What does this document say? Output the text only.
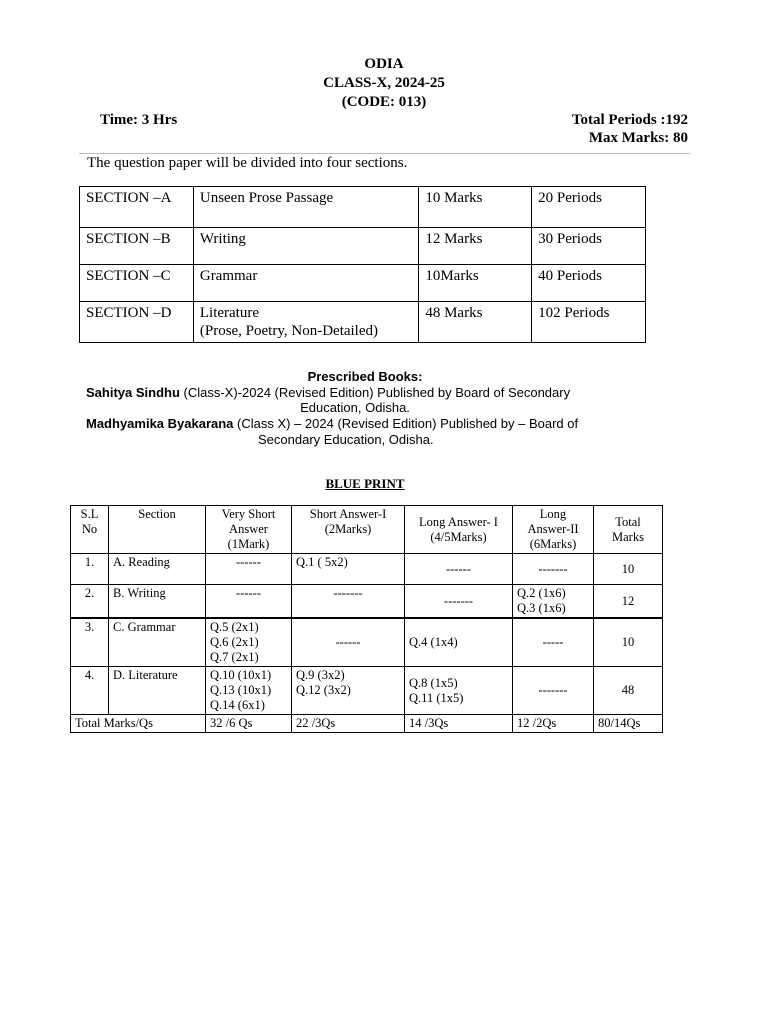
ODIA
CLASS-X, 2024-25
(CODE: 013)
Time: 3 Hrs	Total Periods :192
Max Marks: 80
The question paper will be divided into four sections.
SECTION –A	Unseen Prose Passage	10 Marks	20 Periods
SECTION –B	Writing	12 Marks	30 Periods
SECTION –C	Grammar	10Marks	40 Periods
SECTION –D	Literature
(Prose, Poetry, Non-Detailed)	48 Marks	102 Periods
Prescribed Books:
Sahitya Sindhu (Class-X)-2024 (Revised Edition) Published by Board of Secondary
Education, Odisha.
Madhyamika Byakarana (Class X) – 2024 (Revised Edition) Published by – Board of
Secondary Education, Odisha.
BLUE PRINT
S.L
No	Section	Very Short
Answer
(1Mark)	Short Answer-I
(2Marks)	Long Answer- I
(4/5Marks)	Long
Answer-II
(6Marks)	Total
Marks

1.	A. Reading	------	Q.1 ( 5x2)	------	-------	10
2.	B. Writing	------	-------	-------	Q.2 (1x6)
Q.3 (1x6)	12
3.	C. Grammar	Q.5 (2x1)
Q.6 (2x1)
Q.7 (2x1)	------	Q.4 (1x4)	-----	10
4.	D. Literature	Q.10 (10x1)
Q.13 (10x1)
Q.14 (6x1)	Q.9 (3x2)
Q.12 (3x2)	Q.8 (1x5)
Q.11 (1x5)	-------	48
Total Marks/Qs		32 /6 Qs	22 /3Qs	14 /3Qs	12 /2Qs	80/14Qs
